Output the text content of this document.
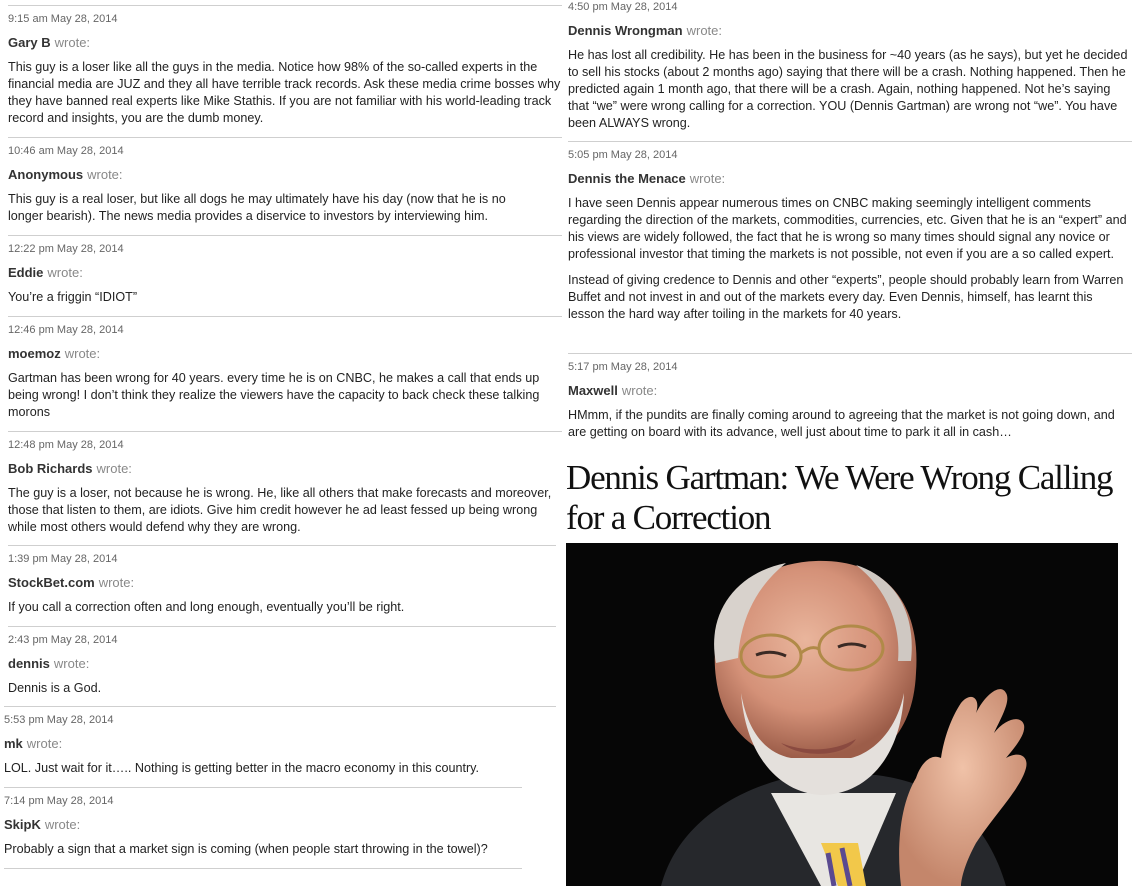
9:15 am May 28, 2014
Gary B wrote:

This guy is a loser like all the guys in the media. Notice how 98% of the so-called experts in the financial media are JUZ and they all have terrible track records. Ask these media crime bosses why they have banned real experts like Mike Stathis. If you are not familiar with his world-leading track record and insights, you are the dumb money.

10:46 am May 28, 2014
Anonymous wrote:

This guy is a real loser, but like all dogs he may ultimately have his day (now that he is no longer bearish). The news media provides a diservice to investors by interviewing him.

12:22 pm May 28, 2014
Eddie wrote:

You’re a friggin “IDIOT”

12:46 pm May 28, 2014
moemoz wrote:

Gartman has been wrong for 40 years. every time he is on CNBC, he makes a call that ends up being wrong! I don’t think they realize the viewers have the capacity to back check these talking morons

12:48 pm May 28, 2014
Bob Richards wrote:

The guy is a loser, not because he is wrong. He, like all others that make forecasts and moreover, those that listen to them, are idiots. Give him credit however he ad least fessed up being wrong while most others would defend why they are wrong.

1:39 pm May 28, 2014
StockBet.com wrote:

If you call a correction often and long enough, eventually you’ll be right.

2:43 pm May 28, 2014
dennis wrote:

Dennis is a God.

5:53 pm May 28, 2014
mk wrote:

LOL. Just wait for it….. Nothing is getting better in the macro economy in this country.

7:14 pm May 28, 2014
SkipK wrote:

Probably a sign that a market sign is coming (when people start throwing in the towel)?

4:50 pm May 28, 2014
Dennis Wrongman wrote:

He has lost all credibility. He has been in the business for ~40 years (as he says), but yet he decided to sell his stocks (about 2 months ago) saying that there will be a crash. Nothing happened. Then he predicted again 1 month ago, that there will be a crash. Again, nothing happened. Not he’s saying that “we” were wrong calling for a correction. YOU (Dennis Gartman) are wrong not “we”. You have been ALWAYS wrong.

5:05 pm May 28, 2014
Dennis the Menace wrote:

I have seen Dennis appear numerous times on CNBC making seemingly intelligent comments regarding the direction of the markets, commodities, currencies, etc. Given that he is an “expert” and his views are widely followed, the fact that he is wrong so many times should signal any novice or professional investor that timing the markets is not possible, not even if you are a so called expert.

Instead of giving credence to Dennis and other “experts”, people should probably learn from Warren Buffet and not invest in and out of the markets every day. Even Dennis, himself, has learnt this lesson the hard way after toiling in the markets for 40 years.

5:17 pm May 28, 2014
Maxwell wrote:

HMmm, if the pundits are finally coming around to agreeing that the market is not going down, and are getting on board with its advance, well just about time to park it all in cash…

Dennis Gartman: We Were Wrong Calling for a Correction
